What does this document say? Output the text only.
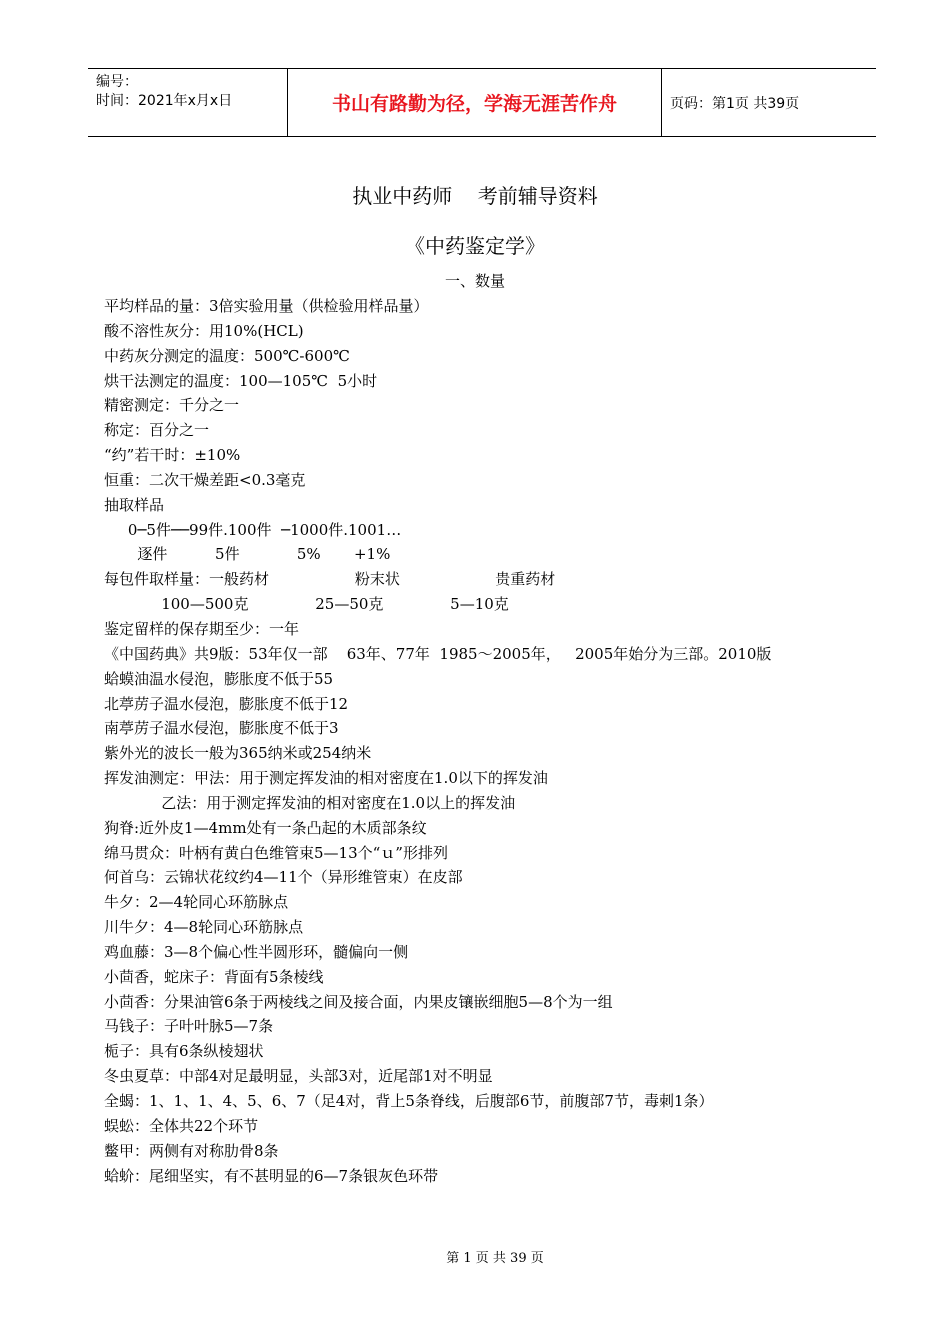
编号：
时间：2021年x月x日	书山有路勤为径，学海无涯苦作舟	页码：第1页 共39页
执业中药师    考前辅导资料
《中药鉴定学》
一、数量
平均样品的量：3倍实验用量（供检验用样品量）
酸不溶性灰分：用10%(HCL)
中药灰分测定的温度：500℃-600℃
烘干法测定的温度：100—105℃  5小时
精密测定：千分之一
称定：百分之一
“约”若干时：±10%
恒重：二次干燥差距<0.3毫克
抽取样品
0─5件──99件.100件  ─1000件.1001…
逐件          5件            5%       +1%
每包件取样量：一般药材                  粉末状                    贵重药材
100—500克              25—50克              5—10克
鉴定留样的保存期至少：一年
《中国药典》共9版：53年仅一部    63年、77年  1985～2005年，   2005年始分为三部。2010版
蛤蟆油温水侵泡，膨胀度不低于55
北葶苈子温水侵泡，膨胀度不低于12
南葶苈子温水侵泡，膨胀度不低于3
紫外光的波长一般为365纳米或254纳米
挥发油测定：甲法：用于测定挥发油的相对密度在1.0以下的挥发油
乙法：用于测定挥发油的相对密度在1.0以上的挥发油
狗脊:近外皮1—4mm处有一条凸起的木质部条纹
绵马贯众：叶柄有黄白色维管束5—13个“ｕ”形排列
何首乌：云锦状花纹约4—11个（异形维管束）在皮部
牛夕：2—4轮同心环筋脉点
川牛夕：4—8轮同心环筋脉点
鸡血藤：3—8个偏心性半圆形环，髓偏向一侧
小茴香，蛇床子：背面有5条棱线
小茴香：分果油管6条于两棱线之间及接合面，内果皮镶嵌细胞5—8个为一组
马钱子：子叶叶脉5—7条
栀子：具有6条纵棱翅状
冬虫夏草：中部4对足最明显，头部3对，近尾部1对不明显
全蝎：1、1、1、4、5、6、7（足4对，背上5条脊线，后腹部6节，前腹部7节，毒刺1条）
蜈蚣：全体共22个环节
鳖甲：两侧有对称肋骨8条
蛤蚧：尾细坚实，有不甚明显的6—7条银灰色环带
第 1 页 共 39 页
